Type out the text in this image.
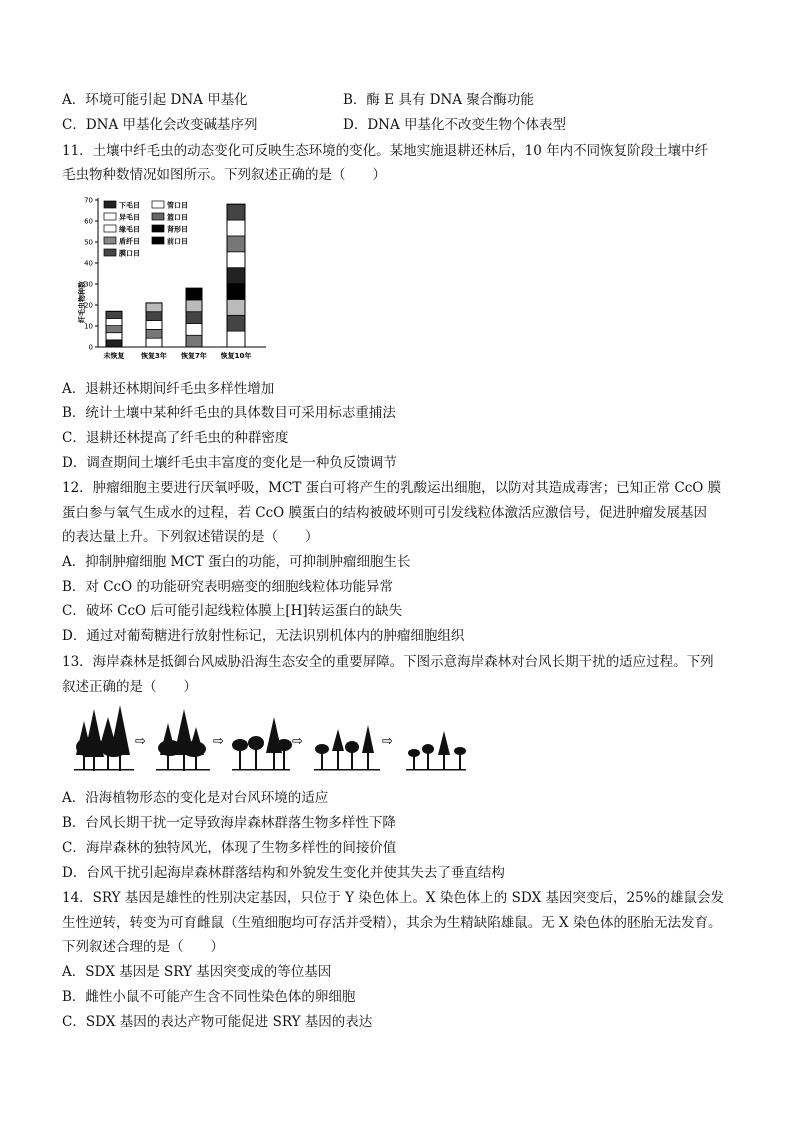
A．环境可能引起 DNA 甲基化	B．酶 E 具有 DNA 聚合酶功能
C．DNA 甲基化会改变碱基序列	D．DNA 甲基化不改变生物个体表型
11．土壤中纤毛虫的动态变化可反映生态环境的变化。某地实施退耕还林后，10 年内不同恢复阶段土壤中纤
毛虫物种数情况如图所示。下列叙述正确的是（　　）
纤毛虫物种数
0
10
20
30
40
50
60
70
未恢复 恢复3年 恢复7年 恢复10年
下毛目	管口目
异毛目	篮口目
缘毛目	肾形目
盾纤目	前口目
膜口目
A．退耕还林期间纤毛虫多样性增加
B．统计土壤中某种纤毛虫的具体数目可采用标志重捕法
C．退耕还林提高了纤毛虫的种群密度
D．调查期间土壤纤毛虫丰富度的变化是一种负反馈调节
12．肿瘤细胞主要进行厌氧呼吸，MCT 蛋白可将产生的乳酸运出细胞，以防对其造成毒害；已知正常 CcO 膜
蛋白参与氧气生成水的过程，若 CcO 膜蛋白的结构被破坏则可引发线粒体激活应激信号，促进肿瘤发展基因
的表达量上升。下列叙述错误的是（　　）
A．抑制肿瘤细胞 MCT 蛋白的功能，可抑制肿瘤细胞生长
B．对 CcO 的功能研究表明癌变的细胞线粒体功能异常
C．破坏 CcO 后可能引起线粒体膜上[H]转运蛋白的缺失
D．通过对葡萄糖进行放射性标记，无法识别机体内的肿瘤细胞组织
13．海岸森林是抵御台风威胁沿海生态安全的重要屏障。下图示意海岸森林对台风长期干扰的适应过程。下列
叙述正确的是（　　）
⇨	⇨	⇨	⇨
A．沿海植物形态的变化是对台风环境的适应
B．台风长期干扰一定导致海岸森林群落生物多样性下降
C．海岸森林的独特风光，体现了生物多样性的间接价值
D．台风干扰引起海岸森林群落结构和外貌发生变化并使其失去了垂直结构
14．SRY 基因是雄性的性别决定基因，只位于 Y 染色体上。X 染色体上的 SDX 基因突变后，25%的雄鼠会发
生性逆转，转变为可育雌鼠（生殖细胞均可存活并受精），其余为生精缺陷雄鼠。无 X 染色体的胚胎无法发育。
下列叙述合理的是（　　）
A．SDX 基因是 SRY 基因突变成的等位基因
B．雌性小鼠不可能产生含不同性染色体的卵细胞
C．SDX 基因的表达产物可能促进 SRY 基因的表达
